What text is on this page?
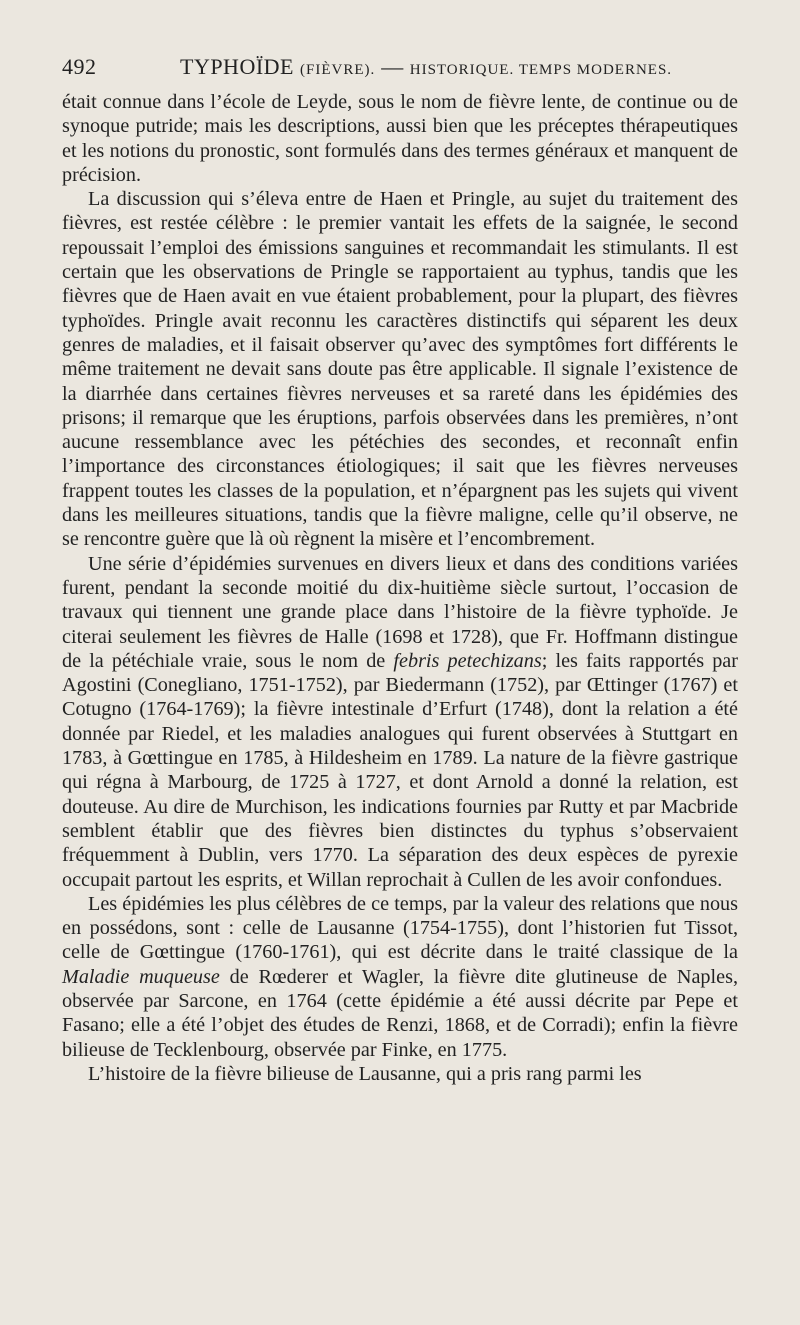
492	TYPHOÏDE (FIÈVRE). — HISTORIQUE. TEMPS MODERNES.

était connue dans l’école de Leyde, sous le nom de fièvre lente, de continue ou de synoque putride; mais les descriptions, aussi bien que les préceptes thérapeutiques et les notions du pronostic, sont formulés dans des termes généraux et manquent de précision.

La discussion qui s’éleva entre de Haen et Pringle, au sujet du traitement des fièvres, est restée célèbre : le premier vantait les effets de la saignée, le second repoussait l’emploi des émissions sanguines et recommandait les stimulants. Il est certain que les observations de Pringle se rapportaient au typhus, tandis que les fièvres que de Haen avait en vue étaient probablement, pour la plupart, des fièvres typhoïdes. Pringle avait reconnu les caractères distinctifs qui séparent les deux genres de maladies, et il faisait observer qu’avec des symptômes fort différents le même traitement ne devait sans doute pas être applicable. Il signale l’existence de la diarrhée dans certaines fièvres nerveuses et sa rareté dans les épidémies des prisons; il remarque que les éruptions, parfois observées dans les premières, n’ont aucune ressemblance avec les pétéchies des secondes, et reconnaît enfin l’importance des circonstances étiologiques; il sait que les fièvres nerveuses frappent toutes les classes de la population, et n’épargnent pas les sujets qui vivent dans les meilleures situations, tandis que la fièvre maligne, celle qu’il observe, ne se rencontre guère que là où règnent la misère et l’encombrement.

Une série d’épidémies survenues en divers lieux et dans des conditions variées furent, pendant la seconde moitié du dix-huitième siècle surtout, l’occasion de travaux qui tiennent une grande place dans l’histoire de la fièvre typhoïde. Je citerai seulement les fièvres de Halle (1698 et 1728), que Fr. Hoffmann distingue de la pétéchiale vraie, sous le nom de febris petechizans; les faits rapportés par Agostini (Conegliano, 1751-1752), par Biedermann (1752), par Œttinger (1767) et Cotugno (1764-1769); la fièvre intestinale d’Erfurt (1748), dont la relation a été donnée par Riedel, et les maladies analogues qui furent observées à Stuttgart en 1783, à Gœttingue en 1785, à Hildesheim en 1789. La nature de la fièvre gastrique qui régna à Marbourg, de 1725 à 1727, et dont Arnold a donné la relation, est douteuse. Au dire de Murchison, les indications fournies par Rutty et par Macbride semblent établir que des fièvres bien distinctes du typhus s’observaient fréquemment à Dublin, vers 1770. La séparation des deux espèces de pyrexie occupait partout les esprits, et Willan reprochait à Cullen de les avoir confondues.

Les épidémies les plus célèbres de ce temps, par la valeur des relations que nous en possédons, sont : celle de Lausanne (1754-1755), dont l’historien fut Tissot, celle de Gœttingue (1760-1761), qui est décrite dans le traité classique de la Maladie muqueuse de Rœderer et Wagler, la fièvre dite glutineuse de Naples, observée par Sarcone, en 1764 (cette épidémie a été aussi décrite par Pepe et Fasano; elle a été l’objet des études de Renzi, 1868, et de Corradi); enfin la fièvre bilieuse de Tecklenbourg, observée par Finke, en 1775.

L’histoire de la fièvre bilieuse de Lausanne, qui a pris rang parmi les
